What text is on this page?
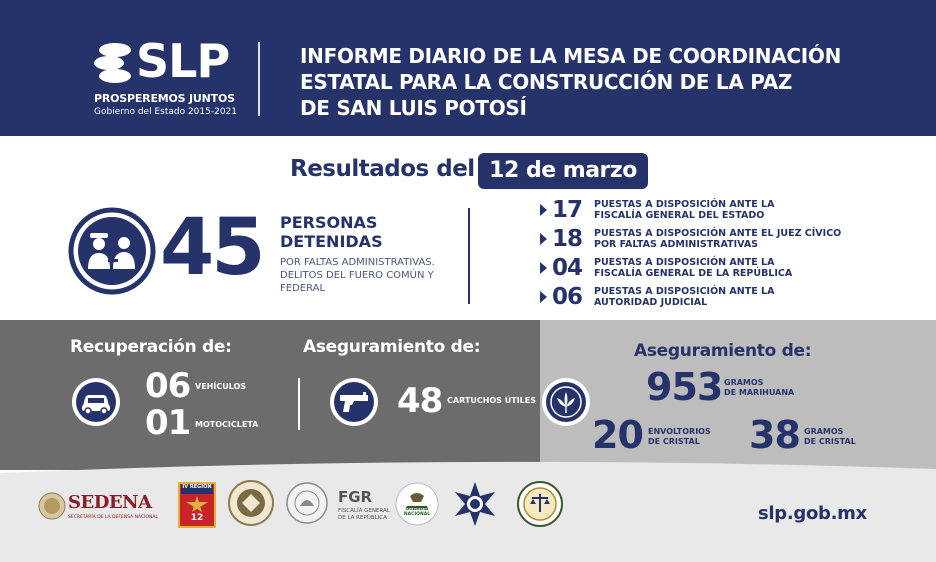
SLP
PROSPEREMOS JUNTOS
Gobierno del Estado 2015-2021
INFORME DIARIO DE LA MESA DE COORDINACIÓN
ESTATAL PARA LA CONSTRUCCIÓN DE LA PAZ
DE SAN LUIS POTOSÍ
Resultados del 12 de marzo
45 PERSONAS
DETENIDAS
POR FALTAS ADMINISTRATIVAS.
DELITOS DEL FUERO COMÚN Y
FEDERAL
17 PUESTAS A DISPOSICIÓN ANTE LA
FISCALÍA GENERAL DEL ESTADO
18 PUESTAS A DISPOSICIÓN ANTE EL JUEZ CÍVICO
POR FALTAS ADMINISTRATIVAS
04 PUESTAS A DISPOSICIÓN ANTE LA
FISCALÍA GENERAL DE LA REPÚBLICA
06 PUESTAS A DISPOSICIÓN ANTE LA
AUTORIDAD JUDICIAL
Recuperación de:
06 VEHÍCULOS
01 MOTOCICLETA
Aseguramiento de:
48 CARTUCHOS ÚTILES
Aseguramiento de:
953 GRAMOS
DE MARIHUANA
20 ENVOLTORIOS
DE CRISTAL 38 GRAMOS
DE CRISTAL
SEDENA
SECRETARÍA DE LA DEFENSA NACIONAL
IV REGIÓN
12
FGR
FISCALÍA GENERAL
DE LA REPÚBLICA
GUARDIA NACIONAL	slp.gob.mx
